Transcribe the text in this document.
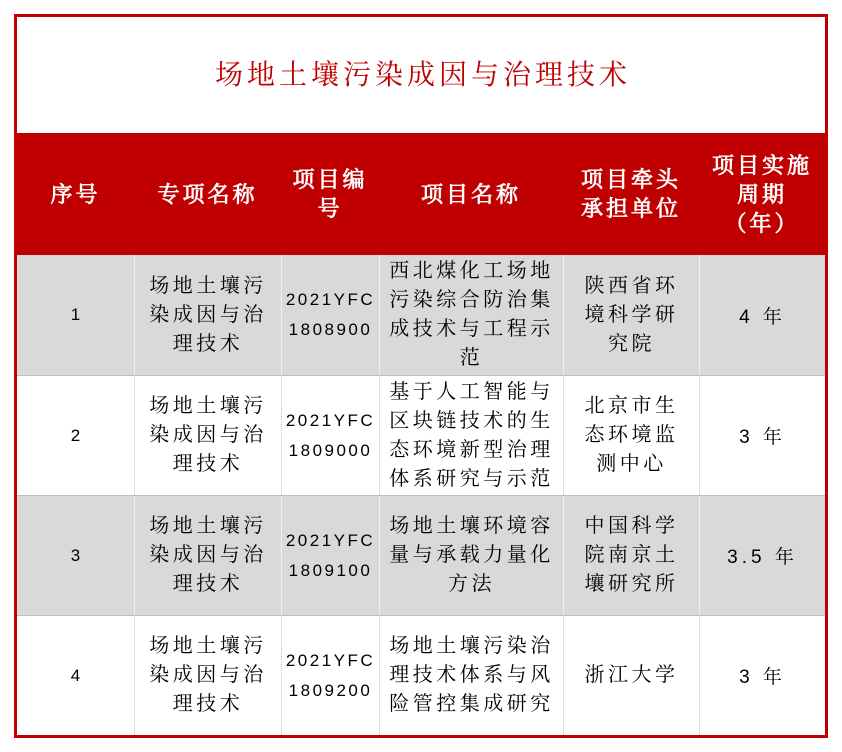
场地土壤污染成因与治理技术
序号	专项名称
项目编号
项目名称
项目牵头承担单位
项目实施周期（年）
1
场地土壤污染成因与治理技术
2021YFC1808900
西北煤化工场地污染综合防治集成技术与工程示范
陕西省环境科学研究院
4 年
2
场地土壤污染成因与治理技术
2021YFC1809000
基于人工智能与区块链技术的生态环境新型治理体系研究与示范
北京市生态环境监测中心
3 年
3
场地土壤污染成因与治理技术
2021YFC1809100
场地土壤环境容量与承载力量化方法
中国科学院南京土壤研究所
3.5 年
4
场地土壤污染成因与治理技术
2021YFC1809200
场地土壤污染治理技术体系与风险管控集成研究
浙江大学	3 年
